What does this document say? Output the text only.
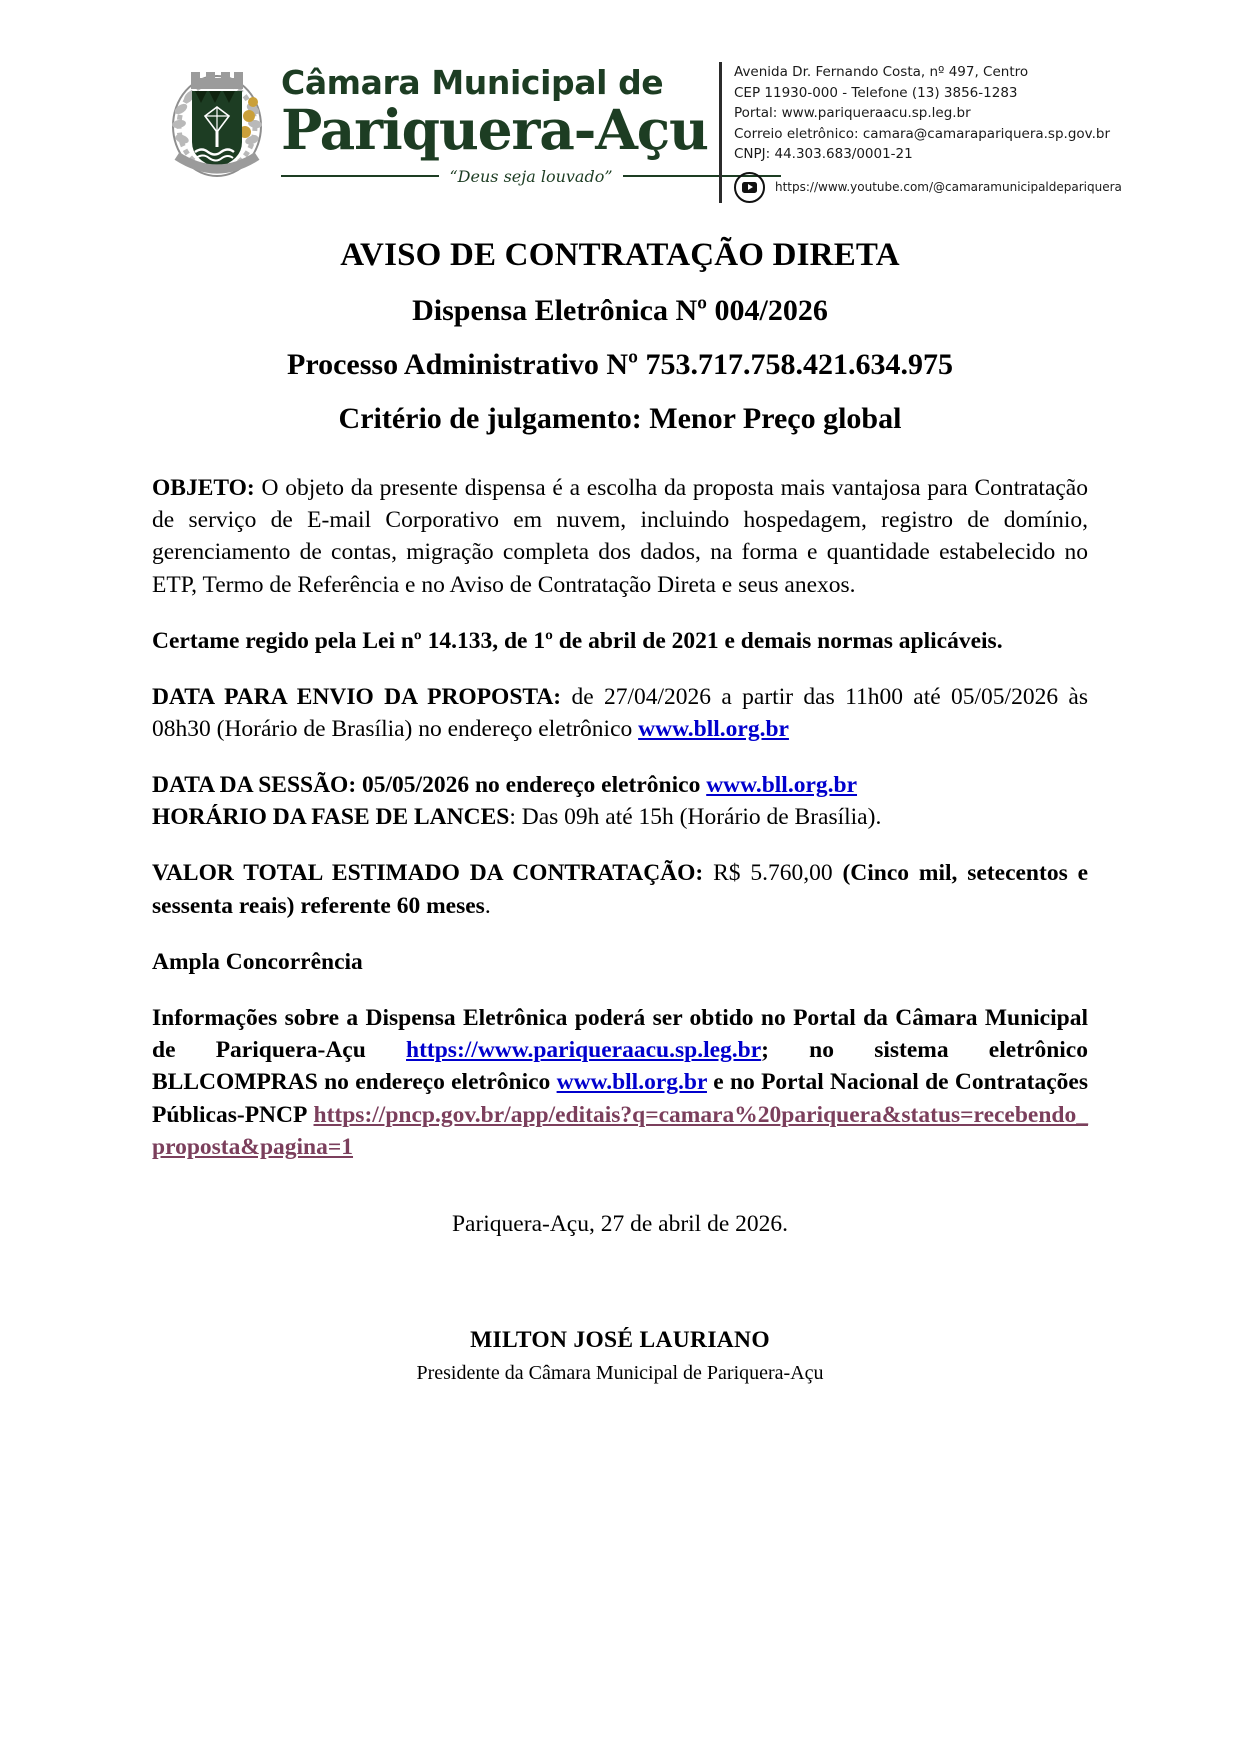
Câmara Municipal de
Pariquera-Açu
“Deus seja louvado”
Avenida Dr. Fernando Costa, nº 497, Centro
CEP 11930-000 - Telefone (13) 3856-1283
Portal: www.pariqueraacu.sp.leg.br
Correio eletrônico: camara@camarapariquera.sp.gov.br
CNPJ: 44.303.683/0001-21
https://www.youtube.com/@camaramunicipaldepariquera
AVISO DE CONTRATAÇÃO DIRETA
Dispensa Eletrônica Nº 004/2026
Processo Administrativo Nº 753.717.758.421.634.975
Critério de julgamento: Menor Preço global

OBJETO: O objeto da presente dispensa é a escolha da proposta mais vantajosa para Contratação de serviço de E-mail Corporativo em nuvem, incluindo hospedagem, registro de domínio, gerenciamento de contas, migração completa dos dados, na forma e quantidade estabelecido no ETP, Termo de Referência e no Aviso de Contratação Direta e seus anexos.

Certame regido pela Lei nº 14.133, de 1º de abril de 2021 e demais normas aplicáveis.

DATA PARA ENVIO DA PROPOSTA: de 27/04/2026 a partir das 11h00 até 05/05/2026 às 08h30 (Horário de Brasília) no endereço eletrônico www.bll.org.br

DATA DA SESSÃO: 05/05/2026 no endereço eletrônico www.bll.org.br
HORÁRIO DA FASE DE LANCES: Das 09h até 15h (Horário de Brasília).

VALOR TOTAL ESTIMADO DA CONTRATAÇÃO: R$ 5.760,00 (Cinco mil, setecentos e sessenta reais) referente 60 meses.

Ampla Concorrência

Informações sobre a Dispensa Eletrônica poderá ser obtido no Portal da Câmara Municipal de Pariquera-Açu https://www.pariqueraacu.sp.leg.br; no sistema eletrônico BLLCOMPRAS no endereço eletrônico www.bll.org.br e no Portal Nacional de Contratações Públicas-PNCP https://pncp.gov.br/app/editais?q=camara%20pariquera&status=recebendo_proposta&pagina=1

Pariquera-Açu, 27 de abril de 2026.

MILTON JOSÉ LAURIANO
Presidente da Câmara Municipal de Pariquera-Açu
